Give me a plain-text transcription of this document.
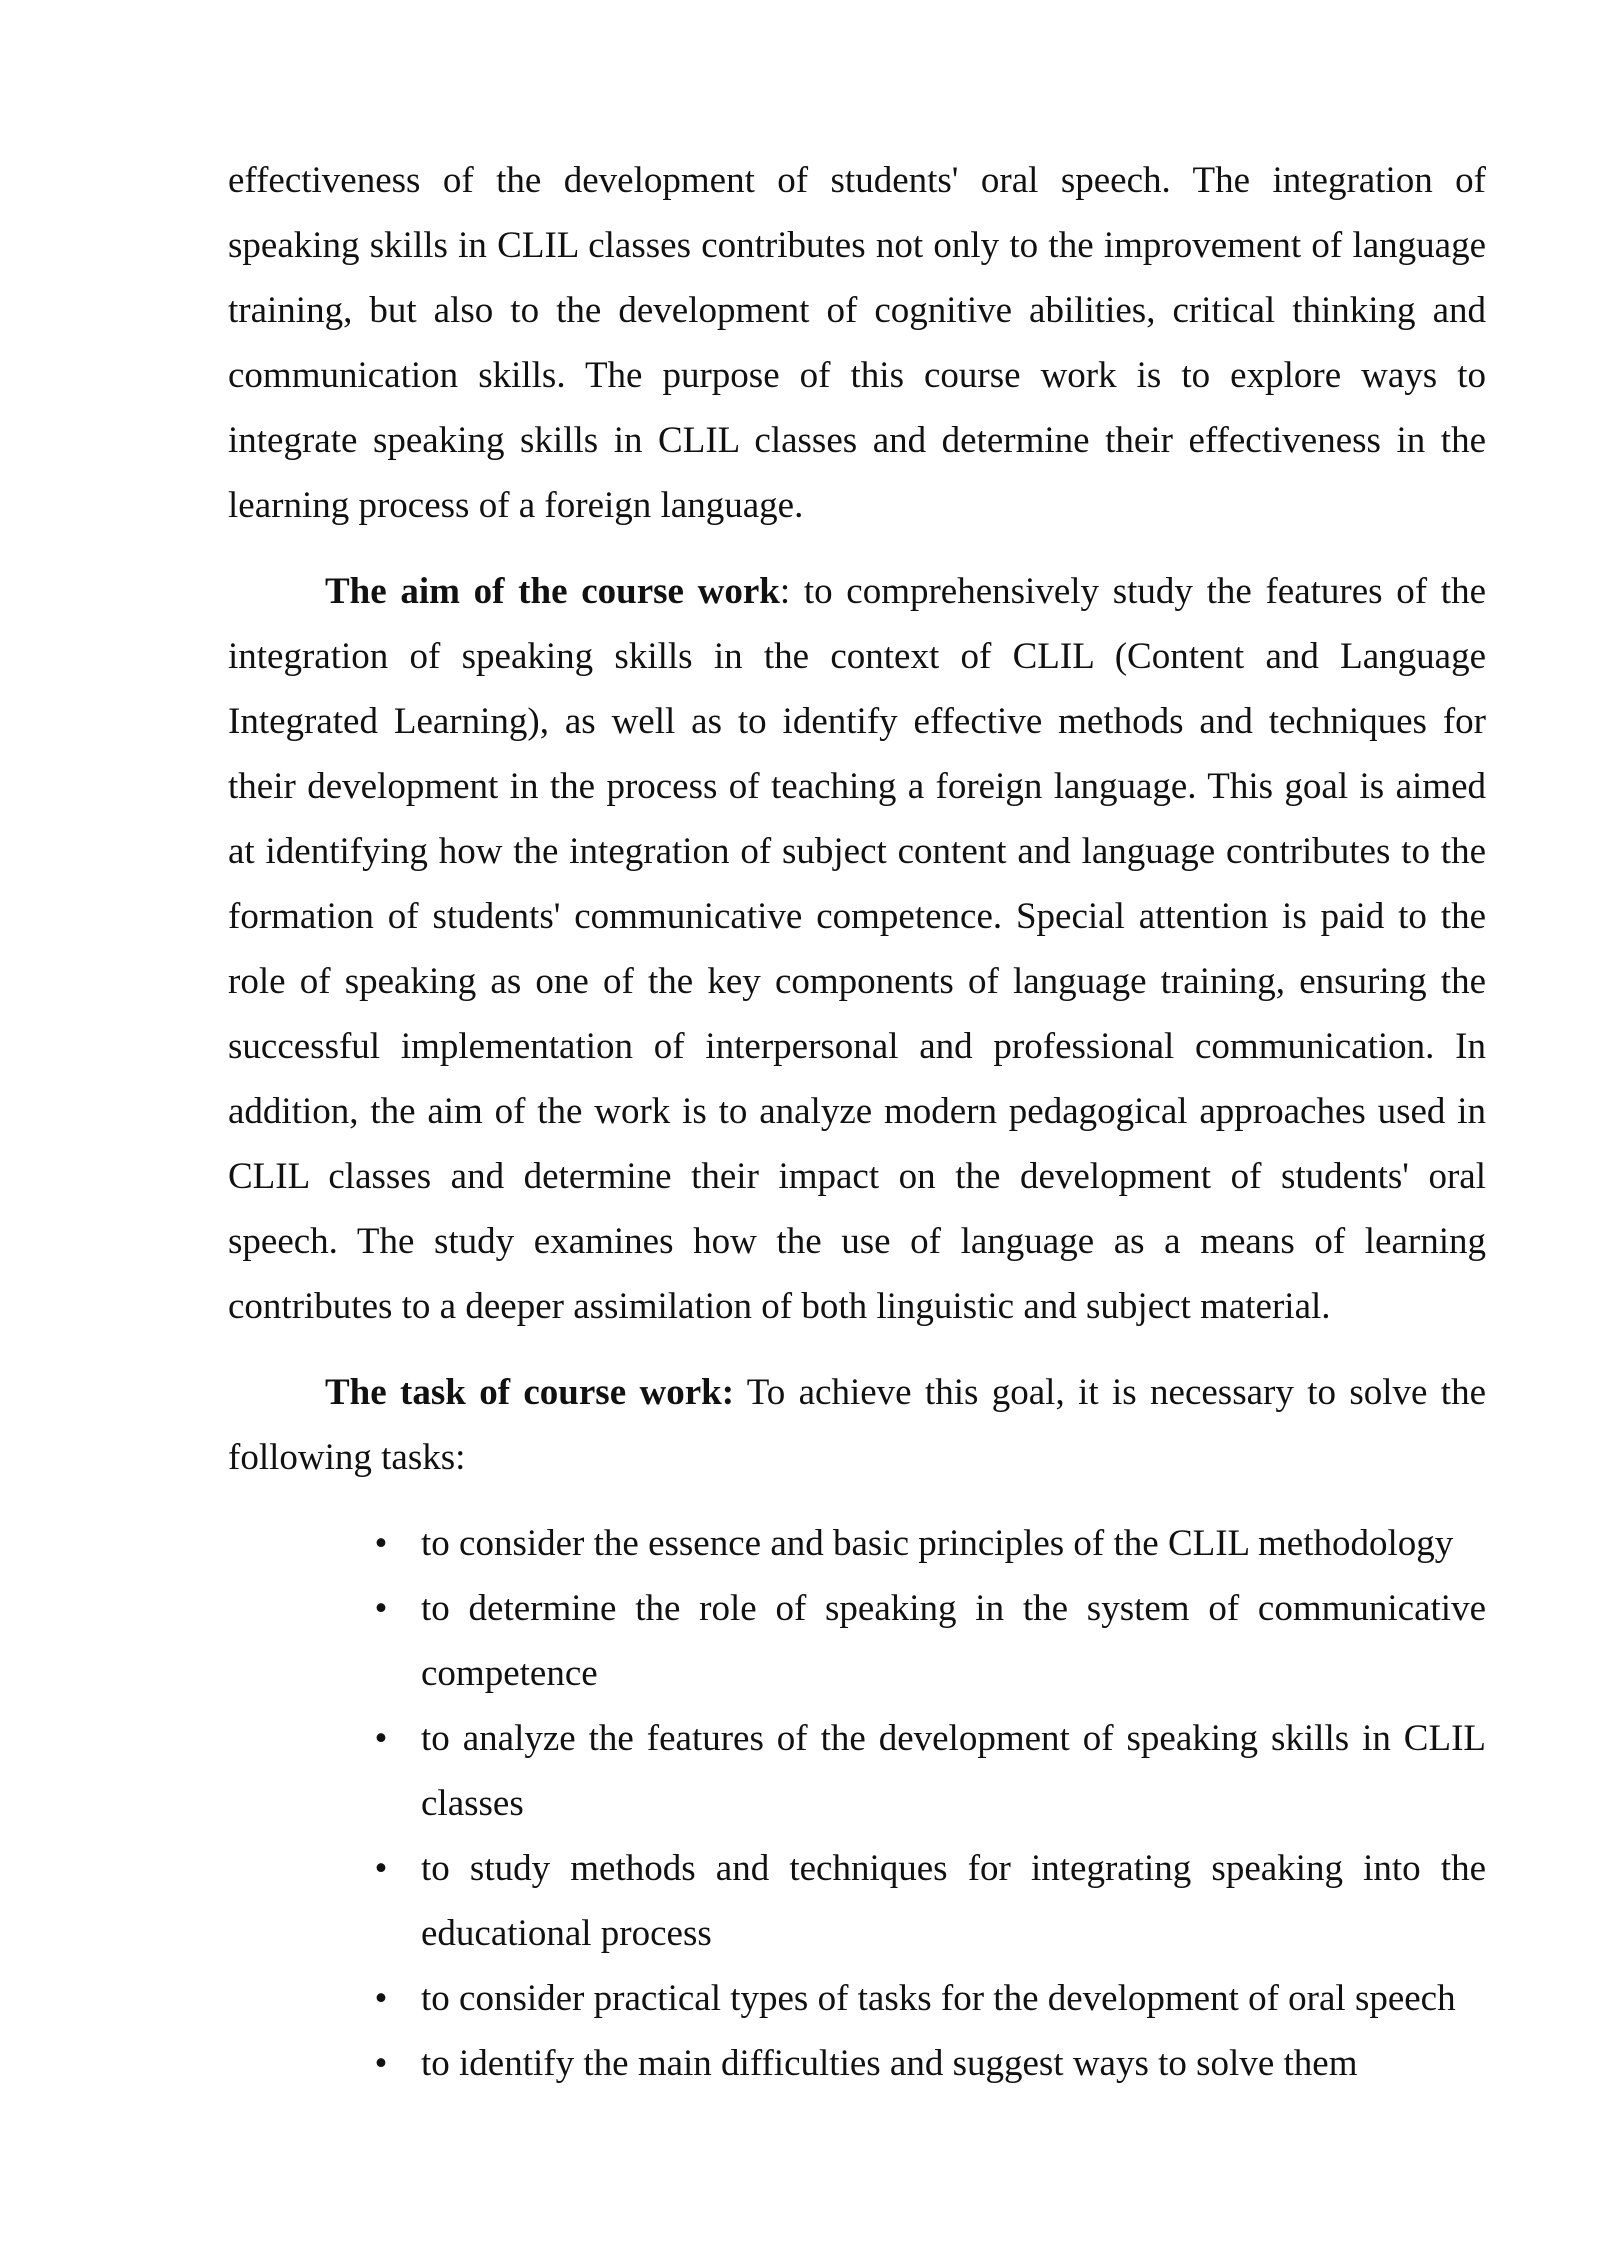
effectiveness of the development of students' oral speech. The integration of speaking skills in CLIL classes contributes not only to the improvement of language training, but also to the development of cognitive abilities, critical thinking and communication skills. The purpose of this course work is to explore ways to integrate speaking skills in CLIL classes and determine their effectiveness in the learning process of a foreign language.

The aim of the course work: to comprehensively study the features of the integration of speaking skills in the context of CLIL (Content and Language Integrated Learning), as well as to identify effective methods and techniques for their development in the process of teaching a foreign language. This goal is aimed at identifying how the integration of subject content and language contributes to the formation of students' communicative competence. Special attention is paid to the role of speaking as one of the key components of language training, ensuring the successful implementation of interpersonal and professional communication. In addition, the aim of the work is to analyze modern pedagogical approaches used in CLIL classes and determine their impact on the development of students' oral speech. The study examines how the use of language as a means of learning contributes to a deeper assimilation of both linguistic and subject material.

The task of course work: To achieve this goal, it is necessary to solve the following tasks:

• to consider the essence and basic principles of the CLIL methodology
• to determine the role of speaking in the system of communicative competence
• to analyze the features of the development of speaking skills in CLIL classes
• to study methods and techniques for integrating speaking into the educational process
• to consider practical types of tasks for the development of oral speech
• to identify the main difficulties and suggest ways to solve them
